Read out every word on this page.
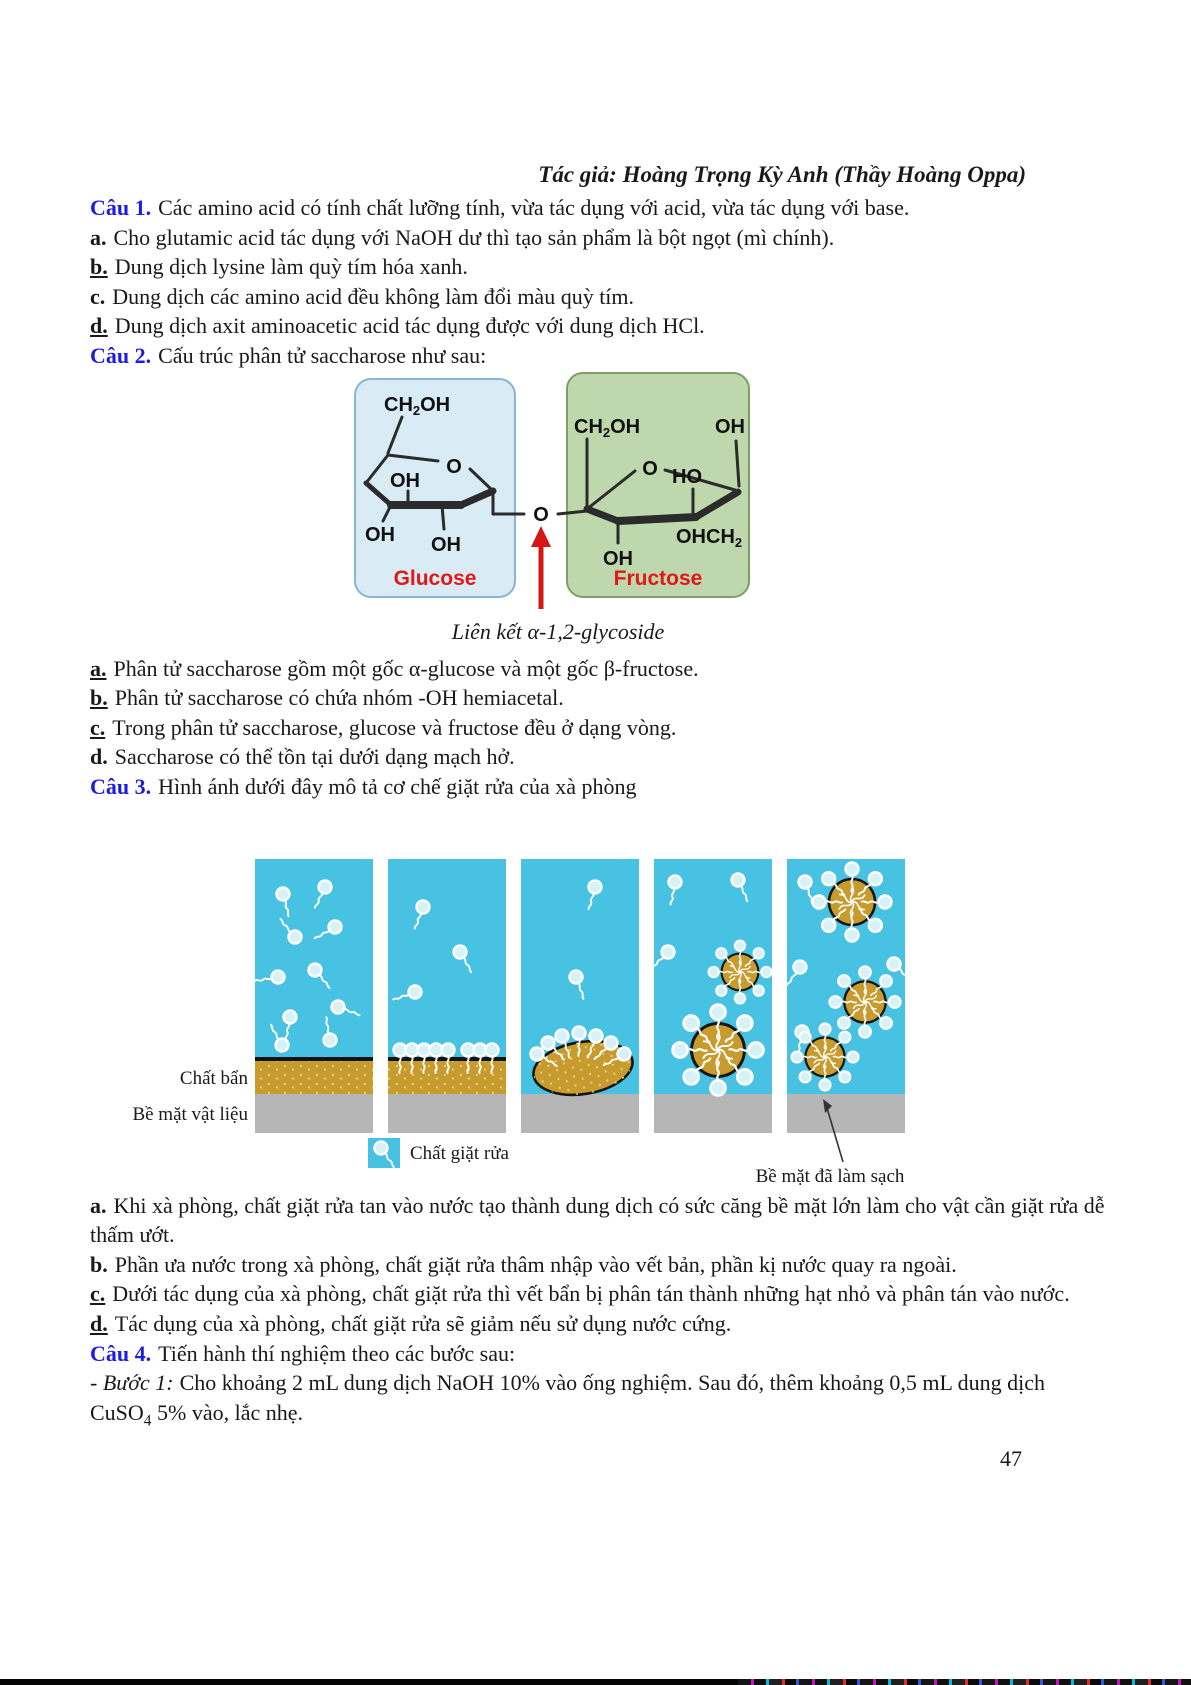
Tác giả: Hoàng Trọng Kỳ Anh (Thầy Hoàng Oppa)

Câu 1. Các amino acid có tính chất lưỡng tính, vừa tác dụng với acid, vừa tác dụng với base.

a. Cho glutamic acid tác dụng với NaOH dư thì tạo sản phẩm là bột ngọt (mì chính).

b. Dung dịch lysine làm quỳ tím hóa xanh.

c. Dung dịch các amino acid đều không làm đổi màu quỳ tím.

d. Dung dịch axit aminoacetic acid tác dụng được với dung dịch HCl.

Câu 2. Cấu trúc phân tử saccharose như sau:

$CH_2OH$
O
OH
OH OH
Glucose
O
$CH_2OH$
O
OH
HO
$OHCH_2$
OH
Fructose
Liên kết α-1,2-glycoside

a. Phân tử saccharose gồm một gốc α-glucose và một gốc β-fructose.

b. Phân tử saccharose có chứa nhóm -OH hemiacetal.

c. Trong phân tử saccharose, glucose và fructose đều ở dạng vòng.

d. Saccharose có thể tồn tại dưới dạng mạch hở.

Câu 3. Hình ánh dưới đây mô tả cơ chế giặt rửa của xà phòng

Chất bẩn
Bề mặt vật liệu
Chất giặt rửa
Bề mặt đã làm sạch

a. Khi xà phòng, chất giặt rửa tan vào nước tạo thành dung dịch có sức căng bề mặt lớn làm cho vật cần giặt rửa dễ thấm ướt.

b. Phần ưa nước trong xà phòng, chất giặt rửa thâm nhập vào vết bản, phần kị nước quay ra ngoài.

c. Dưới tác dụng của xà phòng, chất giặt rửa thì vết bẩn bị phân tán thành những hạt nhỏ và phân tán vào nước.

d. Tác dụng của xà phòng, chất giặt rửa sẽ giảm nếu sử dụng nước cứng.

Câu 4. Tiến hành thí nghiệm theo các bước sau:

- Bước 1: Cho khoảng 2 mL dung dịch NaOH 10% vào ống nghiệm. Sau đó, thêm khoảng 0,5 mL dung dịch CuSO$_4$ 5% vào, lắc nhẹ.

47
